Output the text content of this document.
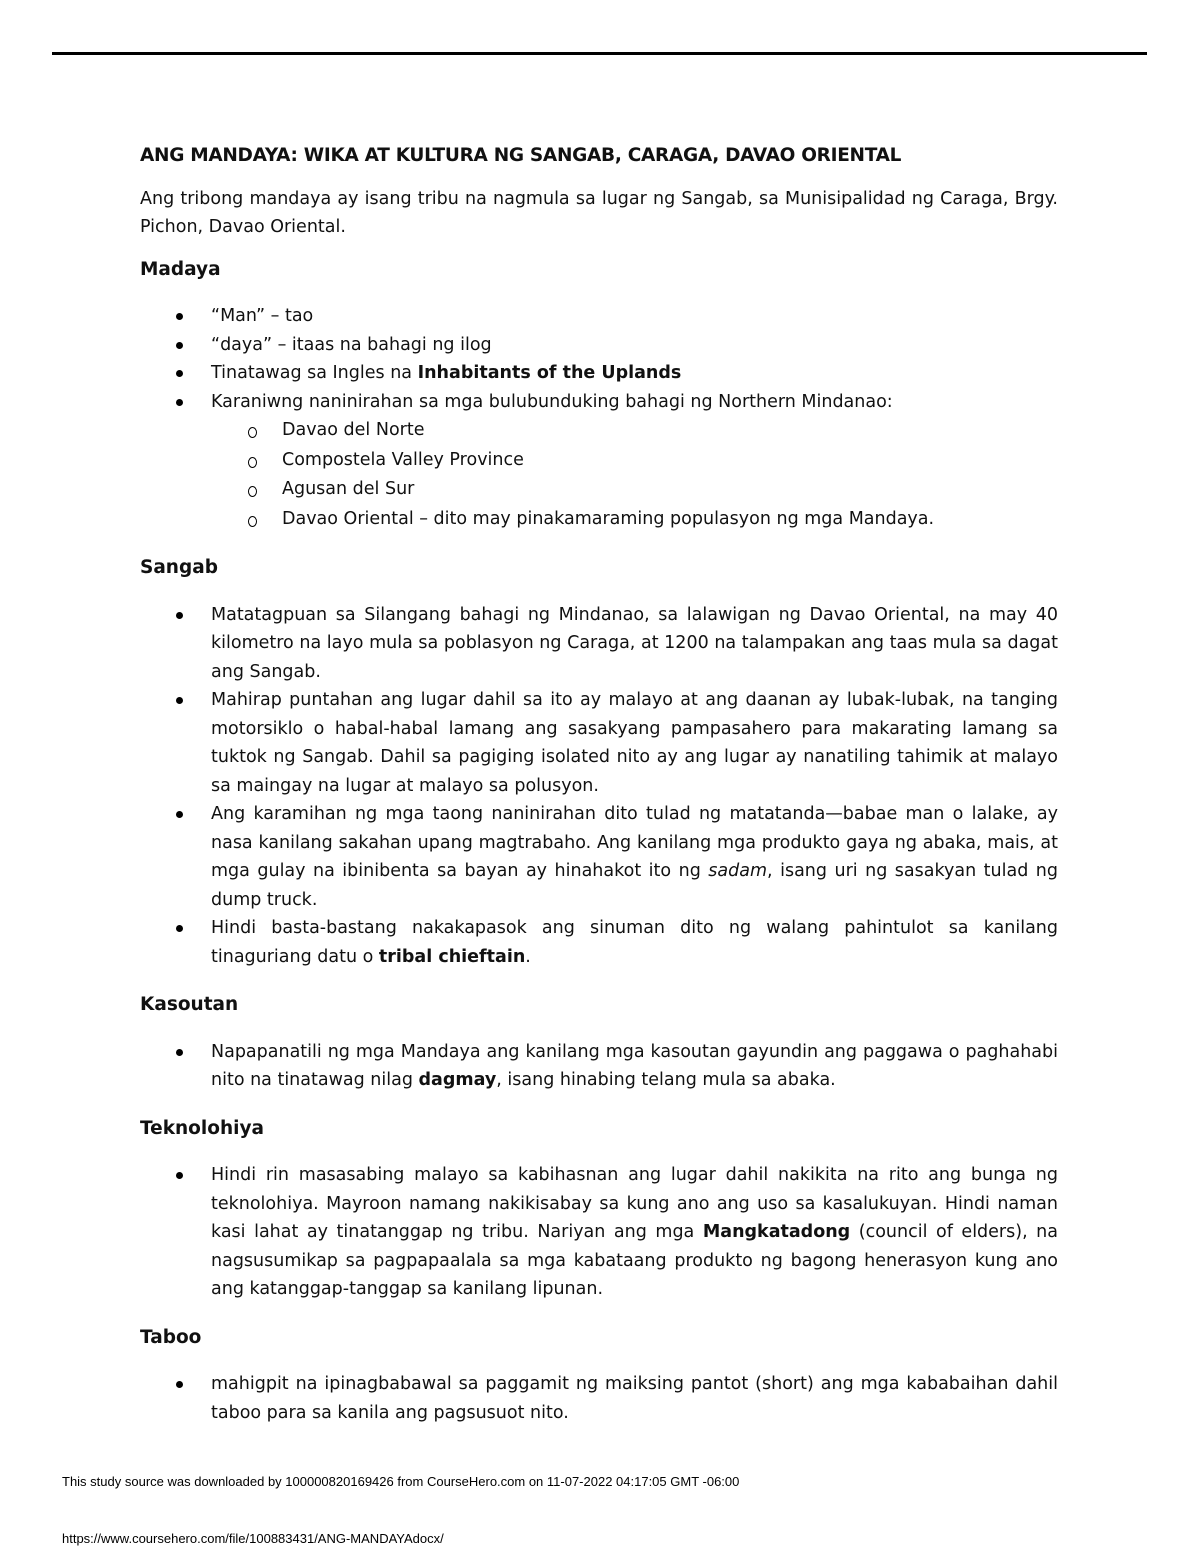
ANG MANDAYA: WIKA AT KULTURA NG SANGAB, CARAGA, DAVAO ORIENTAL

Ang tribong mandaya ay isang tribu na nagmula sa lugar ng Sangab, sa Munisipalidad ng Caraga, Brgy. Pichon, Davao Oriental.

Madaya
“Man” – tao
“daya” – itaas na bahagi ng ilog
Tinatawag sa Ingles na Inhabitants of the Uplands
Karaniwng naninirahan sa mga bulubunduking bahagi ng Northern Mindanao:
Davao del Norte
Compostela Valley Province
Agusan del Sur
Davao Oriental – dito may pinakamaraming populasyon ng mga Mandaya.
Sangab
Matatagpuan sa Silangang bahagi ng Mindanao, sa lalawigan ng Davao Oriental, na may 40 kilometro na layo mula sa poblasyon ng Caraga, at 1200 na talampakan ang taas mula sa dagat ang Sangab.
Mahirap puntahan ang lugar dahil sa ito ay malayo at ang daanan ay lubak-lubak, na tanging motorsiklo o habal-habal lamang ang sasakyang pampasahero para makarating lamang sa tuktok ng Sangab. Dahil sa pagiging isolated nito ay ang lugar ay nanatiling tahimik at malayo sa maingay na lugar at malayo sa polusyon.
Ang karamihan ng mga taong naninirahan dito tulad ng matatanda—babae man o lalake, ay nasa kanilang sakahan upang magtrabaho. Ang kanilang mga produkto gaya ng abaka, mais, at mga gulay na ibinibenta sa bayan ay hinahakot ito ng sadam, isang uri ng sasakyan tulad ng dump truck.
Hindi basta-bastang nakakapasok ang sinuman dito ng walang pahintulot sa kanilang tinaguriang datu o tribal chieftain.
Kasoutan
Napapanatili ng mga Mandaya ang kanilang mga kasoutan gayundin ang paggawa o paghahabi nito na tinatawag nilag dagmay, isang hinabing telang mula sa abaka.
Teknolohiya
Hindi rin masasabing malayo sa kabihasnan ang lugar dahil nakikita na rito ang bunga ng teknolohiya. Mayroon namang nakikisabay sa kung ano ang uso sa kasalukuyan. Hindi naman kasi lahat ay tinatanggap ng tribu. Nariyan ang mga Mangkatadong (council of elders), na nagsusumikap sa pagpapaalala sa mga kabataang produkto ng bagong henerasyon kung ano ang katanggap-tanggap sa kanilang lipunan.
Taboo
mahigpit na ipinagbabawal sa paggamit ng maiksing pantot (short) ang mga kababaihan dahil taboo para sa kanila ang pagsusuot nito.
This study source was downloaded by 100000820169426 from CourseHero.com on 11-07-2022 04:17:05 GMT -06:00
https://www.coursehero.com/file/100883431/ANG-MANDAYAdocx/
